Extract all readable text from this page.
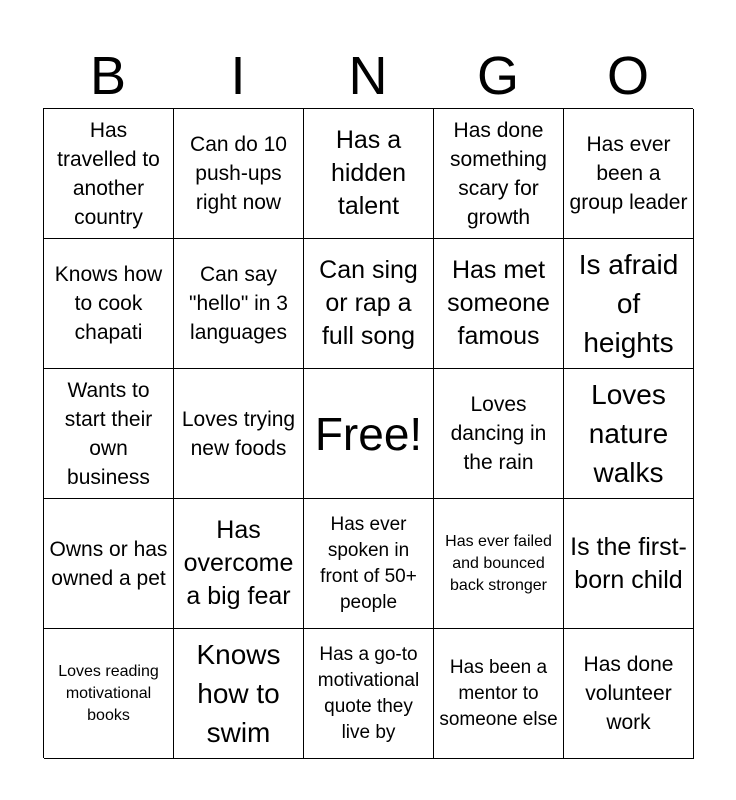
B	I	N	G	O
Has travelled to another country
Can do 10 push-ups right now
Has a hidden talent
Has done something scary for growth
Has ever been a group leader
Knows how to cook chapati
Can say "hello" in 3 languages
Can sing or rap a full song
Has met someone famous
Is afraid of heights
Wants to start their own business
Loves trying new foods Free!
Loves dancing in the rain
Loves nature walks
Owns or has owned a pet
Has overcome a big fear
Has ever spoken in front of 50+ people
Has ever failed and bounced back stronger
Is the first-born child
Loves reading motivational books
Knows how to swim
Has a go-to motivational quote they live by
Has been a mentor to someone else
Has done volunteer work
